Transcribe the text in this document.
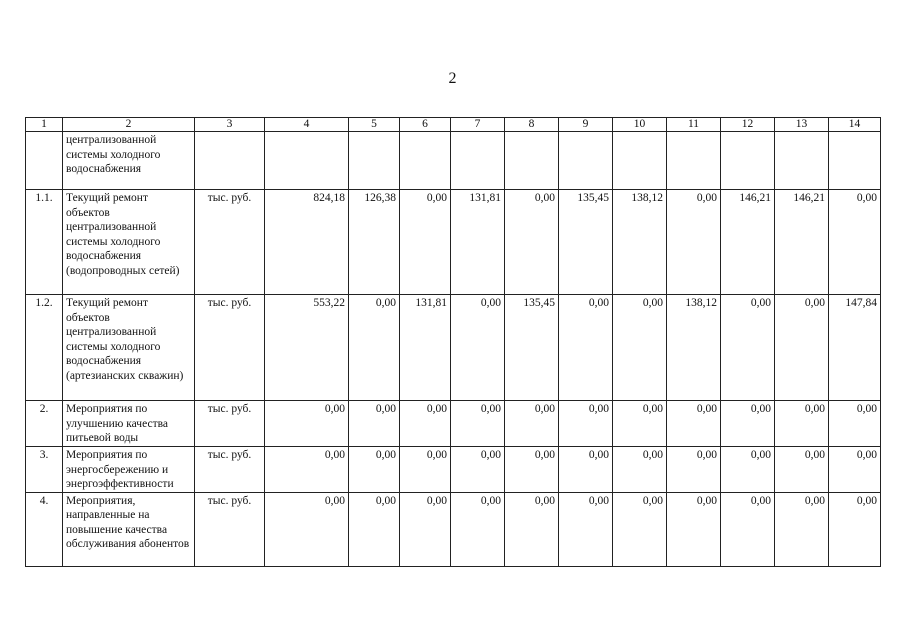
2
1	2	3	4	5	6	7	8	9	10	11	12	13	14
	централизованной системы холодного водоснабжения												
1.1.	Текущий ремонт объектов централизованной системы холодного водоснабжения (водопроводных сетей)	тыс. руб.	824,18	126,38	0,00	131,81	0,00	135,45	138,12	0,00	146,21	146,21	0,00
1.2.	Текущий ремонт объектов централизованной системы холодного водоснабжения (артезианских скважин)	тыс. руб.	553,22	0,00	131,81	0,00	135,45	0,00	0,00	138,12	0,00	0,00	147,84
2.	Мероприятия по улучшению качества питьевой воды	тыс. руб.	0,00	0,00	0,00	0,00	0,00	0,00	0,00	0,00	0,00	0,00	0,00
3.	Мероприятия по энергосбережению и энергоэффективности	тыс. руб.	0,00	0,00	0,00	0,00	0,00	0,00	0,00	0,00	0,00	0,00	0,00
4.	Мероприятия, направленные на повышение качества обслуживания абонентов	тыс. руб.	0,00	0,00	0,00	0,00	0,00	0,00	0,00	0,00	0,00	0,00	0,00
